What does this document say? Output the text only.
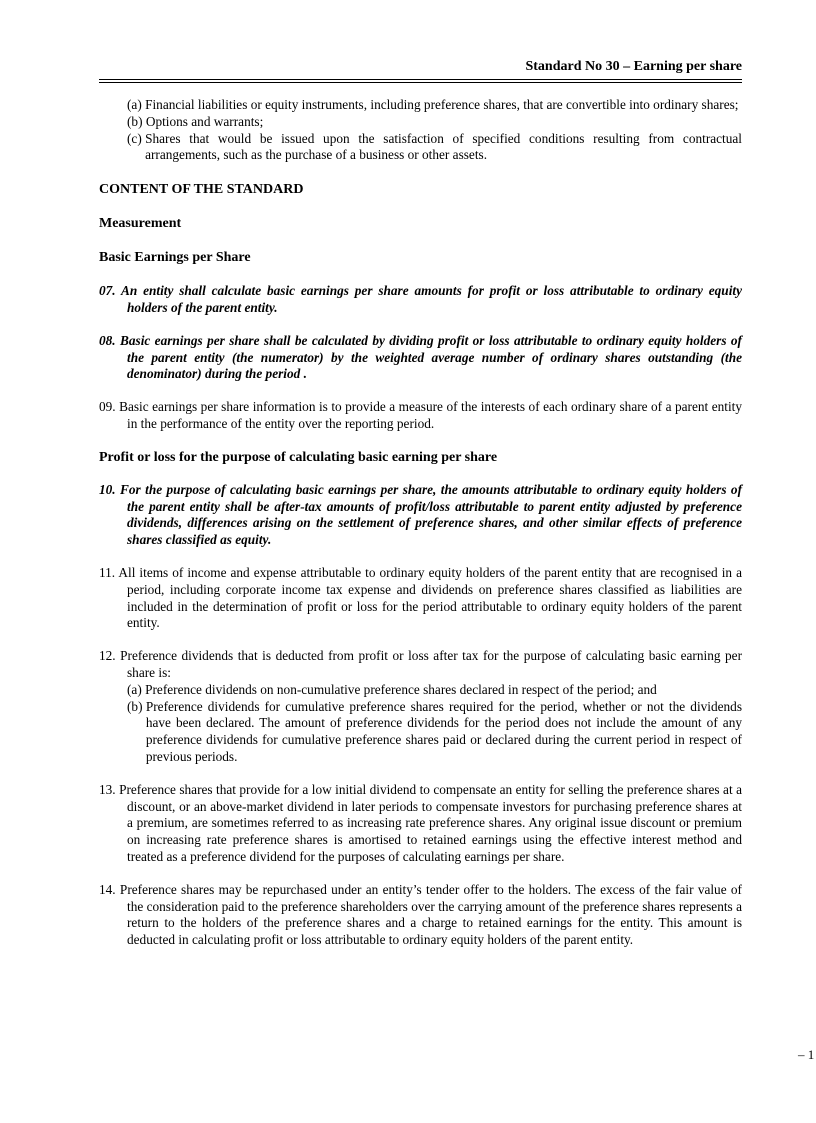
Standard No 30 – Earning per share
(a) Financial liabilities or equity instruments, including preference shares, that are convertible into ordinary shares;
(b) Options and warrants;
(c) Shares that would be issued upon the satisfaction of specified conditions resulting from contractual arrangements, such as the purchase of a business or other assets.

CONTENT OF THE STANDARD

Measurement

Basic Earnings per Share

07. An entity shall calculate basic earnings per share amounts for profit or loss attributable to ordinary equity holders of the parent entity.
08. Basic earnings per share shall be calculated by dividing profit or loss attributable to ordinary equity holders of the parent entity (the numerator) by the weighted average number of ordinary shares outstanding (the denominator) during the period .
09. Basic earnings per share information is to provide a measure of the interests of each ordinary share of a parent entity in the performance of the entity over the reporting period.

Profit or loss for the purpose of calculating basic earning per share

10. For the purpose of calculating basic earnings per share, the amounts attributable to ordinary equity holders of the parent entity shall be after-tax amounts of profit/loss attributable to parent entity adjusted by preference dividends, differences arising on the settlement of preference shares, and other similar effects of preference shares classified as equity.
11. All items of income and expense attributable to ordinary equity holders of the parent entity that are recognised in a period, including corporate income tax expense and dividends on preference shares classified as liabilities are included in the determination of profit or loss for the period attributable to ordinary equity holders of the parent entity.
12. Preference dividends that is deducted from profit or loss after tax for the purpose of calculating basic earning per share is:
(a) Preference dividends on non-cumulative preference shares declared in respect of the period; and
(b) Preference dividends for cumulative preference shares required for the period, whether or not the dividends have been declared. The amount of preference dividends for the period does not include the amount of any preference dividends for cumulative preference shares paid or declared during the current period in respect of previous periods.
13. Preference shares that provide for a low initial dividend to compensate an entity for selling the preference shares at a discount, or an above-market dividend in later periods to compensate investors for purchasing preference shares at a premium, are sometimes referred to as increasing rate preference shares. Any original issue discount or premium on increasing rate preference shares is amortised to retained earnings using the effective interest method and treated as a preference dividend for the purposes of calculating earnings per share.
14. Preference shares may be repurchased under an entity’s tender offer to the holders. The excess of the fair value of the consideration paid to the preference shareholders over the carrying amount of the preference shares represents a return to the holders of the preference shares and a charge to retained earnings for the entity. This amount is deducted in calculating profit or loss attributable to ordinary equity holders of the parent entity.
– 1
